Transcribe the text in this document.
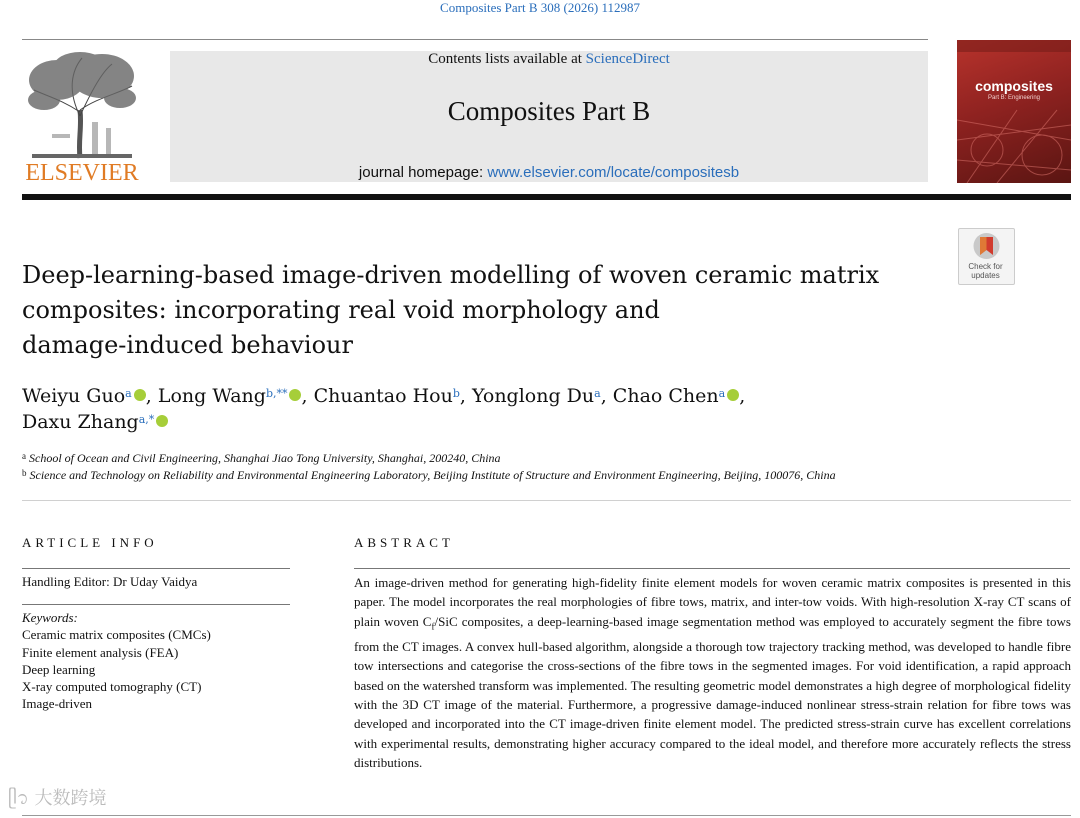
Composites Part B 308 (2026) 112987
ELSEVIER
Contents lists available at ScienceDirect
Composites Part B
journal homepage: www.elsevier.com/locate/compositesb
composites
Part B: Engineering
Check for
updates
Deep-learning-based image-driven modelling of woven ceramic matrix
composites: incorporating real void morphology and
damage-induced behaviour
Weiyu Guo$^a$ , Long Wang$^{b,**}$ , Chuantao Hou$^b$, Yonglong Du$^a$, Chao Chen$^a$ ,
Daxu Zhang$^{a,*}$
$^a$ School of Ocean and Civil Engineering, Shanghai Jiao Tong University, Shanghai, 200240, China
$^b$ Science and Technology on Reliability and Environmental Engineering Laboratory, Beijing Institute of Structure and Environment Engineering, Beijing, 100076, China
ARTICLE INFO
Handling Editor: Dr Uday Vaidya
Keywords:
Ceramic matrix composites (CMCs)
Finite element analysis (FEA)
Deep learning
X-ray computed tomography (CT)
Image-driven
ABSTRACT
An image-driven method for generating high-fidelity finite element models for woven ceramic matrix composites is presented in this paper. The model incorporates the real morphologies of fibre tows, matrix, and inter-tow voids. With high-resolution X-ray CT scans of plain woven $C_f$/SiC composites, a deep-learning-based image segmentation method was employed to accurately segment the fibre tows from the CT images. A convex hull-based algorithm, alongside a thorough tow trajectory tracking method, was developed to handle fibre tow intersections and categorise the cross-sections of the fibre tows in the segmented images. For void identification, a rapid approach based on the watershed transform was implemented. The resulting geometric model demonstrates a high degree of morphological fidelity with the 3D CT image of the material. Furthermore, a progressive damage-induced nonlinear stress-strain relation for fibre tows was developed and incorporated into the CT image-driven finite element model. The predicted stress-strain curve has excellent correlations with experimental results, demonstrating higher accuracy compared to the ideal model, and therefore more accurately reflects the stress distributions.
ᥫ᭡ 大数跨境
